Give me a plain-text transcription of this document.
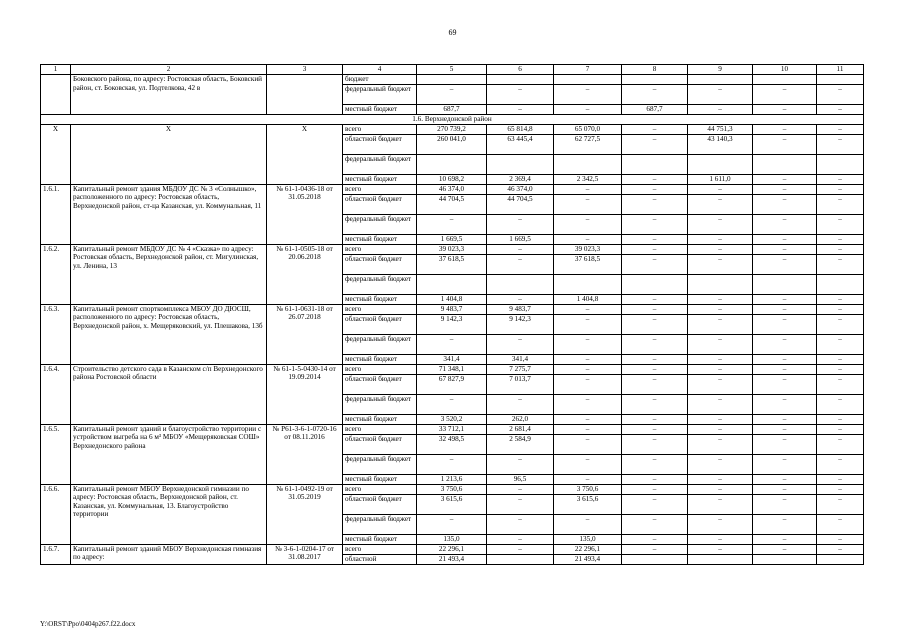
69
1	2	3	4	5	6	7	8	9	10	11
	Боковского района, по адресу: Ростовская область, Боковский район, ст. Боковская, ул. Подтелкова, 42 в		бюджет							
			федеральный бюджет	–	–	–	–	–	–	–
			местный бюджет	687,7	–	–	687,7	–	–	–
1.6. Верхнедонской район										
Х	Х	Х	всего	270 739,2	65 814,8	65 070,0	–	44 751,3	–	–
			областной бюджет	260 041,0	63 445,4	62 727,5	–	43 140,3	–	–
			федеральный бюджет							
			местный бюджет	10 698,2	2 369,4	2 342,5	–	1 611,0	–	–
1.6.1.	Капитальный ремонт здания МБДОУ ДС № 3 «Солнышко», расположенного по адресу: Ростовская область, Верхнедонской район, ст-ца Казанская, ул. Коммунальная, 11	№ 61-1-0436-18 от 31.05.2018	всего	46 374,0	46 374,0	–	–	–	–	–
			областной бюджет	44 704,5	44 704,5	–	–	–	–	–
			федеральный бюджет	–	–	–	–	–	–	–
			местный бюджет	1 669,5	1 669,5	–	–	–	–	–
1.6.2.	Капитальный ремонт МБДОУ ДС № 4 «Сказка» по адресу: Ростовская область, Верхнедонской район, ст. Мигулинская, ул. Ленина, 13	№ 61-1-0505-18 от 20.06.2018	всего	39 023,3	–	39 023,3	–	–	–	–
			областной бюджет	37 618,5	–	37 618,5	–	–	–	–
			федеральный бюджет							
			местный бюджет	1 404,8	–	1 404,8	–	–	–	–
1.6.3.	Капитальный ремонт спорткомплекса МБОУ ДО ДЮСШ, расположенного по адресу: Ростовская область, Верхнедонской район, х. Мещеряковский, ул. Плешакова, 13б	№ 61-1-0631-18 от 26.07.2018	всего	9 483,7	9 483,7	–	–	–	–	–
			областной бюджет	9 142,3	9 142,3	–	–	–	–	–
			федеральный бюджет	–	–	–	–	–	–	–
			местный бюджет	341,4	341,4	–	–	–	–	–
1.6.4.	Строительство детского сада в Казанском с/п Верхнедонского района Ростовской области	№ 61-1-5-0430-14 от 19.09.2014	всего	71 348,1	7 275,7	–	–	–	–	–
			областной бюджет	67 827,9	7 013,7	–	–	–	–	–
			федеральный бюджет	–	–	–	–	–	–	–
			местный бюджет	3 520,2	262,0	–	–	–	–	–
1.6.5.	Капитальный ремонт зданий и благоустройство территории с устройством выгреба на 6 м³ МБОУ «Мещеряковская СОШ» Верхнедонского района	№ Р61-3-6-1-0720-16 от 08.11.2016	всего	33 712,1	2 681,4	–	–	–	–	–
			областной бюджет	32 498,5	2 584,9	–	–	–	–	–
			федеральный бюджет	–	–	–	–	–	–	–
			местный бюджет	1 213,6	96,5	–	–	–	–	–
1.6.6.	Капитальный ремонт МБОУ Верхнедонской гимназии по адресу: Ростовская область, Верхнедонской район, ст. Казанская, ул. Коммунальная, 13. Благоустройство территории	№ 61-1-0492-19 от 31.05.2019	всего	3 750,6	–	3 750,6	–	–	–	–
			областной бюджет	3 615,6	–	3 615,6	–	–	–	–
			федеральный бюджет	–	–	–	–	–	–	–
			местный бюджет	135,0	–	135,0	–	–	–	–
1.6.7.	Капитальный ремонт зданий МБОУ Верхнедонская гимназия по адресу:	№ 3-6-1-0204-17 от 31.08.2017	всего	22 296,1	–	22 296,1	–	–	–	–
			областной	21 493,4		21 493,4				
Y:\ORST\Ppo\0404p267.f22.docx
